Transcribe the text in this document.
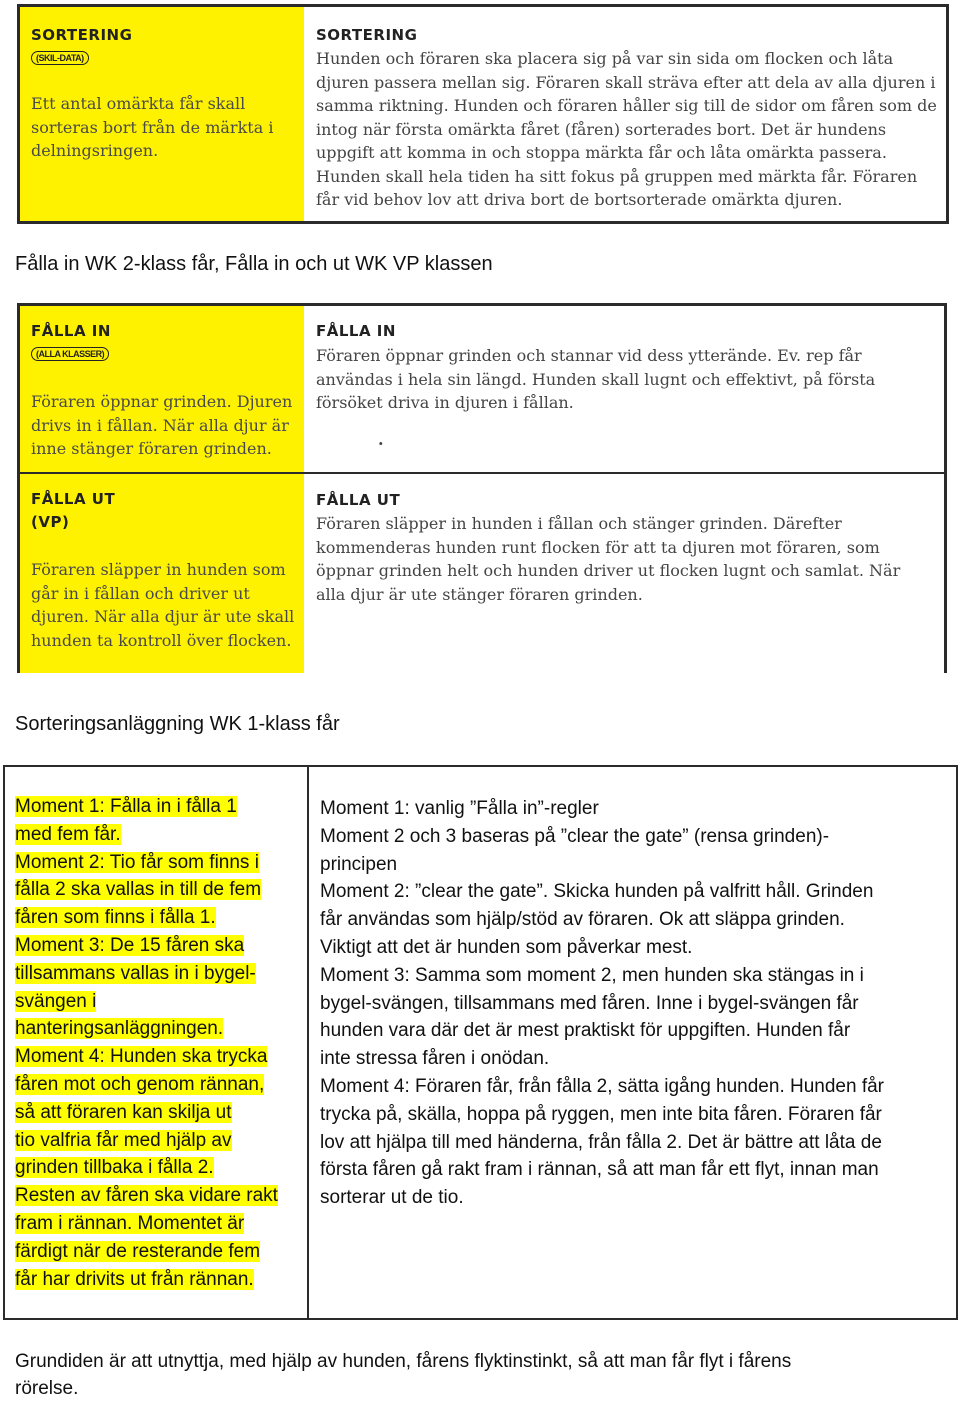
SORTERING
(SKIL-DATA)
Ett antal omärkta får skall sorteras bort från de märkta i delningsringen.
SORTERING
Hunden och föraren ska placera sig på var sin sida om flocken och låta djuren passera mellan sig. Föraren skall sträva efter att dela av alla djuren i samma riktning. Hunden och föraren håller sig till de sidor om fåren som de intog när första omärkta fåret (fåren) sorterades bort. Det är hundens uppgift att komma in och stoppa märkta får och låta omärkta passera. Hunden skall hela tiden ha sitt fokus på gruppen med märkta får. Föraren får vid behov lov att driva bort de bortsorterade omärkta djuren.
Fålla in WK 2-klass får, Fålla in och ut WK VP klassen
FÅLLA IN
(ALLA KLASSER)
Föraren öppnar grinden. Djuren drivs in i fållan. När alla djur är inne stänger föraren grinden.
FÅLLA IN
Föraren öppnar grinden och stannar vid dess ytterände. Ev. rep får användas i hela sin längd. Hunden skall lugnt och effektivt, på första försöket driva in djuren i fållan.
.
FÅLLA UT
(VP)
Föraren släpper in hunden som går in i fållan och driver ut djuren. När alla djur är ute skall hunden ta kontroll över flocken.
FÅLLA UT
Föraren släpper in hunden i fållan och stänger grinden. Därefter kommenderas hunden runt flocken för att ta djuren mot föraren, som öppnar grinden helt och hunden driver ut flocken lugnt och samlat. När alla djur är ute stänger föraren grinden.
Sorteringsanläggning WK 1-klass får
Moment 1: Fålla in i fålla 1
med fem får.
Moment 2: Tio får som finns i
fålla 2 ska vallas in till de fem
fåren som finns i fålla 1.
Moment 3: De 15 fåren ska
tillsammans vallas in i bygel-
svängen i
hanteringsanläggningen.
Moment 4: Hunden ska trycka
fåren mot och genom rännan,
så att föraren kan skilja ut
tio valfria får med hjälp av
grinden tillbaka i fålla 2.
Resten av fåren ska vidare rakt
fram i rännan. Momentet är
färdigt när de resterande fem
får har drivits ut från rännan.
Moment 1: vanlig ”Fålla in”-regler
Moment 2 och 3 baseras på ”clear the gate” (rensa grinden)-
principen
Moment 2: ”clear the gate”. Skicka hunden på valfritt håll. Grinden
får användas som hjälp/stöd av föraren. Ok att släppa grinden.
Viktigt att det är hunden som påverkar mest.
Moment 3: Samma som moment 2, men hunden ska stängas in i
bygel-svängen, tillsammans med fåren. Inne i bygel-svängen får
hunden vara där det är mest praktiskt för uppgiften. Hunden får
inte stressa fåren i onödan.
Moment 4: Föraren får, från fålla 2, sätta igång hunden. Hunden får
trycka på, skälla, hoppa på ryggen, men inte bita fåren. Föraren får
lov att hjälpa till med händerna, från fålla 2. Det är bättre att låta de
första fåren gå rakt fram i rännan, så att man får ett flyt, innan man
sorterar ut de tio.
Grundiden är att utnyttja, med hjälp av hunden, fårens flyktinstinkt, så att man får flyt i fårens
rörelse.
